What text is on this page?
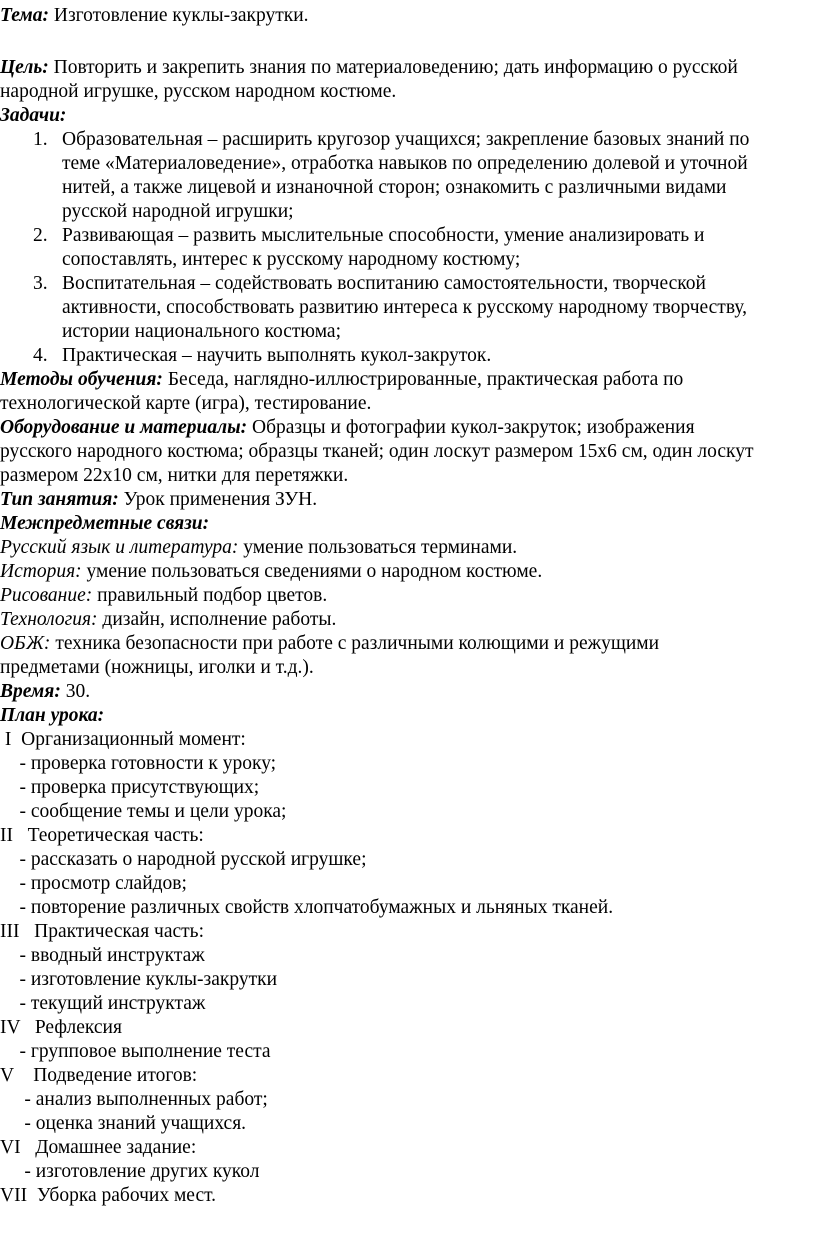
Тема: Изготовление куклы-закрутки.
Цель: Повторить и закрепить знания по материаловедению; дать информацию о русской
народной игрушке, русском народном костюме.
Задачи:
1. Образовательная – расширить кругозор учащихся; закрепление базовых знаний по
теме «Материаловедение», отработка навыков по определению долевой и уточной
нитей, а также лицевой и изнаночной сторон; ознакомить с различными видами
русской народной игрушки;
2. Развивающая – развить мыслительные способности, умение анализировать и
сопоставлять, интерес к русскому народному костюму;
3. Воспитательная – содействовать воспитанию самостоятельности, творческой
активности, способствовать развитию интереса к русскому народному творчеству,
истории национального костюма;
4. Практическая – научить выполнять кукол-закруток.
Методы обучения: Беседа, наглядно-иллюстрированные, практическая работа по
технологической карте (игра), тестирование.
Оборудование и материалы: Образцы и фотографии кукол-закруток; изображения
русского народного костюма; образцы тканей; один лоскут размером 15х6 см, один лоскут
размером 22х10 см, нитки для перетяжки.
Тип занятия: Урок применения ЗУН.
Межпредметные связи:
Русский язык и литература: умение пользоваться терминами.
История: умение пользоваться сведениями о народном костюме.
Рисование: правильный подбор цветов.
Технология: дизайн, исполнение работы.
ОБЖ: техника безопасности при работе с различными колющими и режущими
предметами (ножницы, иголки и т.д.).
Время: 30.
План урока:
I  Организационный момент:
- проверка готовности к уроку;
- проверка присутствующих;
- сообщение темы и цели урока;
II   Теоретическая часть:
- рассказать о народной русской игрушке;
- просмотр слайдов;
- повторение различных свойств хлопчатобумажных и льняных тканей.
III   Практическая часть:
- вводный инструктаж
- изготовление куклы-закрутки
- текущий инструктаж
IV   Рефлексия
- групповое выполнение теста
V    Подведение итогов:
- анализ выполненных работ;
- оценка знаний учащихся.
VI   Домашнее задание:
- изготовление других кукол
VII  Уборка рабочих мест.
